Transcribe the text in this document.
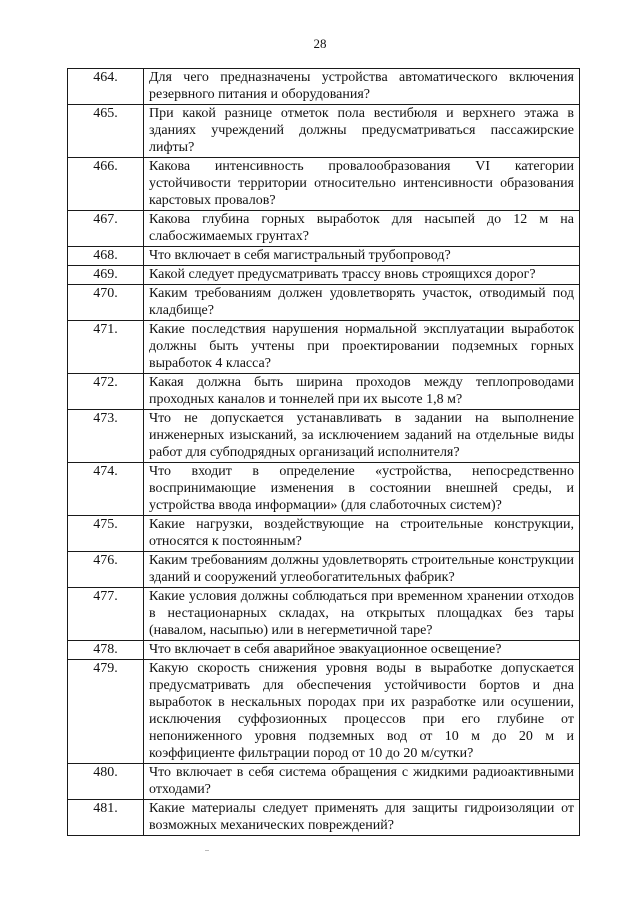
28
464.	Для чего предназначены устройства автоматического включения резервного питания и оборудования?
465.	При какой разнице отметок пола вестибюля и верхнего этажа в зданиях учреждений должны предусматриваться пассажирские лифты?
466.	Какова интенсивность провалообразования VI категории устойчивости территории относительно интенсивности образования карстовых провалов?
467.	Какова глубина горных выработок для насыпей до 12 м на слабосжимаемых грунтах?
468.	Что включает в себя магистральный трубопровод?
469.	Какой следует предусматривать трассу вновь строящихся дорог?
470.	Каким требованиям должен удовлетворять участок, отводимый под кладбище?
471.	Какие последствия нарушения нормальной эксплуатации выработок должны быть учтены при проектировании подземных горных выработок 4 класса?
472.	Какая должна быть ширина проходов между теплопроводами проходных каналов и тоннелей при их высоте 1,8 м?
473.	Что не допускается устанавливать в задании на выполнение инженерных изысканий, за исключением заданий на отдельные виды работ для субподрядных организаций исполнителя?
474.	Что входит в определение «устройства, непосредственно воспринимающие изменения в состоянии внешней среды, и устройства ввода информации» (для слаботочных систем)?
475.	Какие нагрузки, воздействующие на строительные конструкции, относятся к постоянным?
476.	Каким требованиям должны удовлетворять строительные конструкции зданий и сооружений углеобогатительных фабрик?
477.	Какие условия должны соблюдаться при временном хранении отходов в нестационарных складах, на открытых площадках без тары (навалом, насыпью) или в негерметичной таре?
478.	Что включает в себя аварийное эвакуационное освещение?
479.	Какую скорость снижения уровня воды в выработке допускается предусматривать для обеспечения устойчивости бортов и дна выработок в нескальных породах при их разработке или осушении, исключения суффозионных процессов при его глубине от непониженного уровня подземных вод от 10 м до 20 м и коэффициенте фильтрации пород от 10 до 20 м/сутки?
480.	Что включает в себя система обращения с жидкими радиоактивными отходами?
481.	Какие материалы следует применять для защиты гидроизоляции от возможных механических повреждений?
